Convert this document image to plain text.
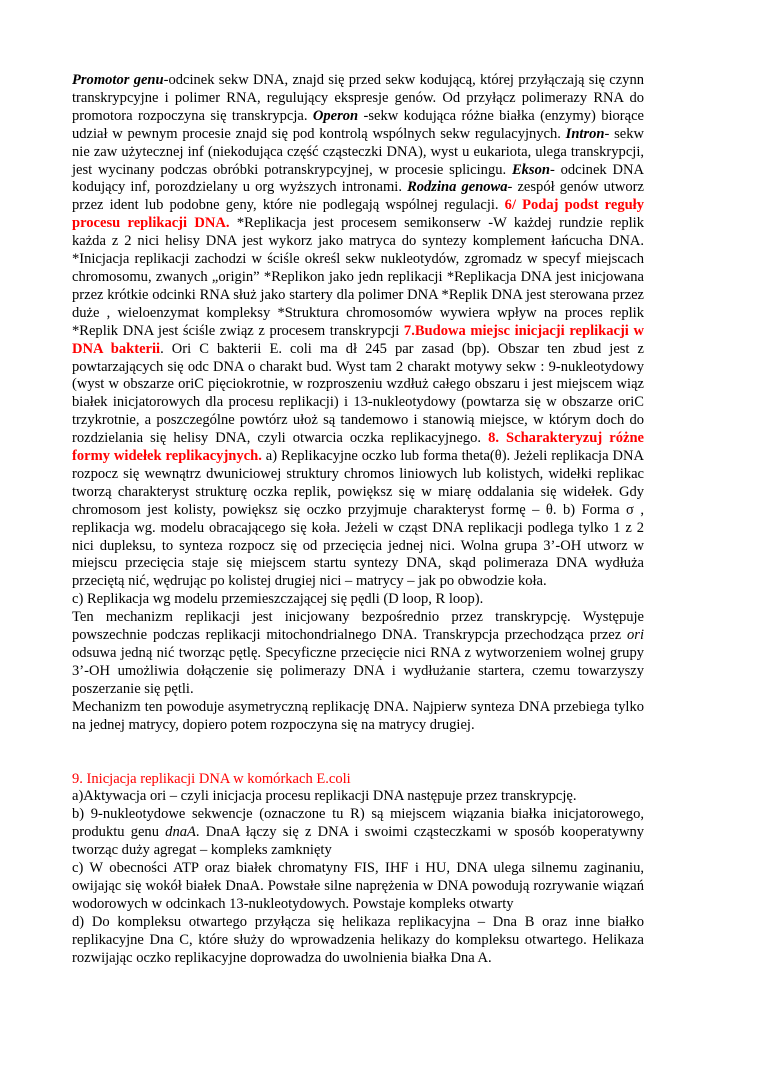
Promotor genu-odcinek sekw DNA, znajd się przed sekw kodującą, której przyłączają się czynn transkrypcyjne i polimer RNA, regulujący ekspresje genów. Od przyłącz polimerazy RNA do promotora rozpoczyna się transkrypcja. Operon -sekw kodująca różne białka (enzymy) biorące udział w pewnym procesie znajd się pod kontrolą wspólnych sekw regulacyjnych. Intron- sekw nie zaw użytecznej inf (niekodująca część cząsteczki DNA), wyst u eukariota, ulega transkrypcji, jest wycinany podczas obróbki potranskrypcyjnej, w procesie splicingu. Ekson- odcinek DNA kodujący inf, porozdzielany u org wyższych intronami. Rodzina genowa- zespół genów utworz przez ident lub podobne geny, które nie podlegają wspólnej regulacji. 6/ Podaj podst reguły procesu replikacji DNA. *Replikacja jest procesem semikonserw -W każdej rundzie replik każda z 2 nici helisy DNA jest wykorz jako matryca do syntezy komplement łańcucha DNA. *Inicjacja replikacji zachodzi w ściśle określ sekw nukleotydów, zgromadz w specyf miejscach chromosomu, zwanych „origin” *Replikon jako jedn replikacji *Replikacja DNA jest inicjowana przez krótkie odcinki RNA służ jako startery dla polimer DNA *Replik DNA jest sterowana przez duże , wieloenzymat kompleksy *Struktura chromosomów wywiera wpływ na proces replik *Replik DNA jest ściśle związ z procesem transkrypcji 7.Budowa miejsc inicjacji replikacji w DNA bakterii. Ori C bakterii E. coli ma dł 245 par zasad (bp). Obszar ten zbud jest z powtarzających się odc DNA o charakt bud. Wyst tam 2 charakt motywy sekw : 9-nukleotydowy (wyst w obszarze oriC pięciokrotnie, w rozproszeniu wzdłuż całego obszaru i jest miejscem wiąz białek inicjatorowych dla procesu replikacji) i 13-nukleotydowy (powtarza się w obszarze oriC trzykrotnie, a poszczególne powtórz ułoż są tandemowo i stanowią miejsce, w którym doch do rozdzielania się helisy DNA, czyli otwarcia oczka replikacyjnego. 8. Scharakteryzuj różne formy widełek replikacyjnych. a) Replikacyjne oczko lub forma theta(θ). Jeżeli replikacja DNA rozpocz się wewnątrz dwuniciowej struktury chromos liniowych lub kolistych, widełki replikac tworzą charakteryst strukturę oczka replik, powiększ się w miarę oddalania się widełek. Gdy chromosom jest kolisty, powiększ się oczko przyjmuje charakteryst formę – θ. b) Forma σ , replikacja wg. modelu obracającego się koła. Jeżeli w cząst DNA replikacji podlega tylko 1 z 2 nici dupleksu, to synteza rozpocz się od przecięcia jednej nici. Wolna grupa 3’-OH utworz w miejscu przecięcia staje się miejscem startu syntezy DNA, skąd polimeraza DNA wydłuża przeciętą nić, wędrując po kolistej drugiej nici – matrycy – jak po obwodzie koła.

c) Replikacja wg modelu przemieszczającej się pędli (D loop, R loop).

Ten mechanizm replikacji jest inicjowany bezpośrednio przez transkrypcję. Występuje powszechnie podczas replikacji mitochondrialnego DNA. Transkrypcja przechodząca przez ori odsuwa jedną nić tworząc pętlę. Specyficzne przecięcie nici RNA z wytworzeniem wolnej grupy 3’-OH umożliwia dołączenie się polimerazy DNA i wydłużanie startera, czemu towarzyszy poszerzanie się pętli.

Mechanizm ten powoduje asymetryczną replikację DNA. Najpierw synteza DNA przebiega tylko na jednej matrycy, dopiero potem rozpoczyna się na matrycy drugiej.

9. Inicjacja replikacji DNA w komórkach E.coli

a)Aktywacja ori – czyli inicjacja procesu replikacji DNA następuje przez transkrypcję.

b) 9-nukleotydowe sekwencje (oznaczone tu R) są miejscem wiązania białka inicjatorowego, produktu genu dnaA. DnaA łączy się z DNA i swoimi cząsteczkami w sposób kooperatywny tworząc duży agregat – kompleks zamknięty

c) W obecności ATP oraz białek chromatyny FIS, IHF i HU, DNA ulega silnemu zaginaniu, owijając się wokół białek DnaA. Powstałe silne naprężenia w DNA powodują rozrywanie wiązań wodorowych w odcinkach 13-nukleotydowych. Powstaje kompleks otwarty

d) Do kompleksu otwartego przyłącza się helikaza replikacyjna – Dna B oraz inne białko replikacyjne Dna C, które służy do wprowadzenia helikazy do kompleksu otwartego. Helikaza rozwijając oczko replikacyjne doprowadza do uwolnienia białka Dna A.
